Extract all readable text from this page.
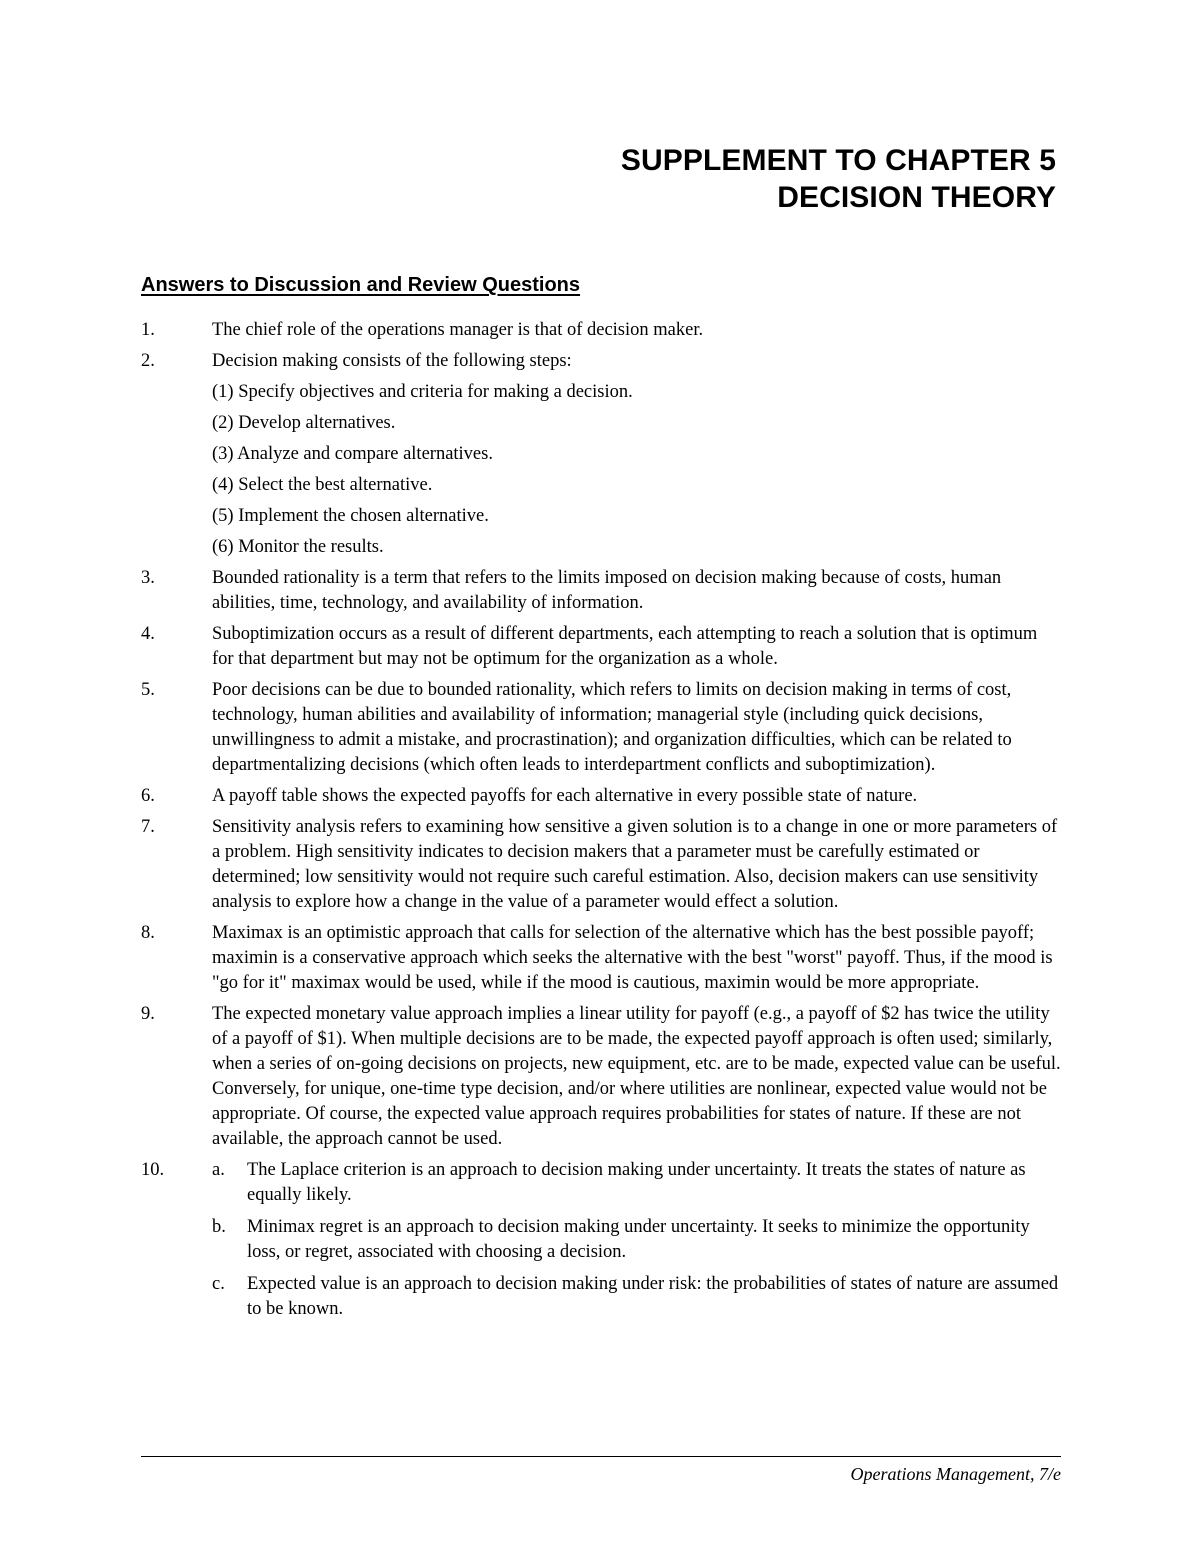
SUPPLEMENT TO CHAPTER 5
DECISION THEORY
Answers to Discussion and Review Questions
1.	The chief role of the operations manager is that of decision maker.
2.	Decision making consists of the following steps:
(1) Specify objectives and criteria for making a decision.
(2) Develop alternatives.
(3) Analyze and compare alternatives.
(4) Select the best alternative.
(5) Implement the chosen alternative.
(6) Monitor the results.
3.	Bounded rationality is a term that refers to the limits imposed on decision making because of costs, human abilities, time, technology, and availability of information.
4.	Suboptimization occurs as a result of different departments, each attempting to reach a solution that is optimum for that department but may not be optimum for the organization as a whole.
5.	Poor decisions can be due to bounded rationality, which refers to limits on decision making in terms of cost, technology, human abilities and availability of information; managerial style (including quick decisions, unwillingness to admit a mistake, and procrastination); and organization difficulties, which can be related to departmentalizing decisions (which often leads to interdepartment conflicts and suboptimization).
6.	A payoff table shows the expected payoffs for each alternative in every possible state of nature.
7.	Sensitivity analysis refers to examining how sensitive a given solution is to a change in one or more parameters of a problem. High sensitivity indicates to decision makers that a parameter must be carefully estimated or determined; low sensitivity would not require such careful estimation. Also, decision makers can use sensitivity analysis to explore how a change in the value of a parameter would effect a solution.
8.	Maximax is an optimistic approach that calls for selection of the alternative which has the best possible payoff; maximin is a conservative approach which seeks the alternative with the best "worst" payoff. Thus, if the mood is "go for it" maximax would be used, while if the mood is cautious, maximin would be more appropriate.
9.	The expected monetary value approach implies a linear utility for payoff (e.g., a payoff of $2 has twice the utility of a payoff of $1). When multiple decisions are to be made, the expected payoff approach is often used; similarly, when a series of on-going decisions on projects, new equipment, etc. are to be made, expected value can be useful. Conversely, for unique, one-time type decision, and/or where utilities are nonlinear, expected value would not be appropriate. Of course, the expected value approach requires probabilities for states of nature. If these are not available, the approach cannot be used.
10.	a. The Laplace criterion is an approach to decision making under uncertainty. It treats the states of nature as equally likely.
b. Minimax regret is an approach to decision making under uncertainty. It seeks to minimize the opportunity loss, or regret, associated with choosing a decision.
c. Expected value is an approach to decision making under risk: the probabilities of states of nature are assumed to be known.
Operations Management, 7/e
